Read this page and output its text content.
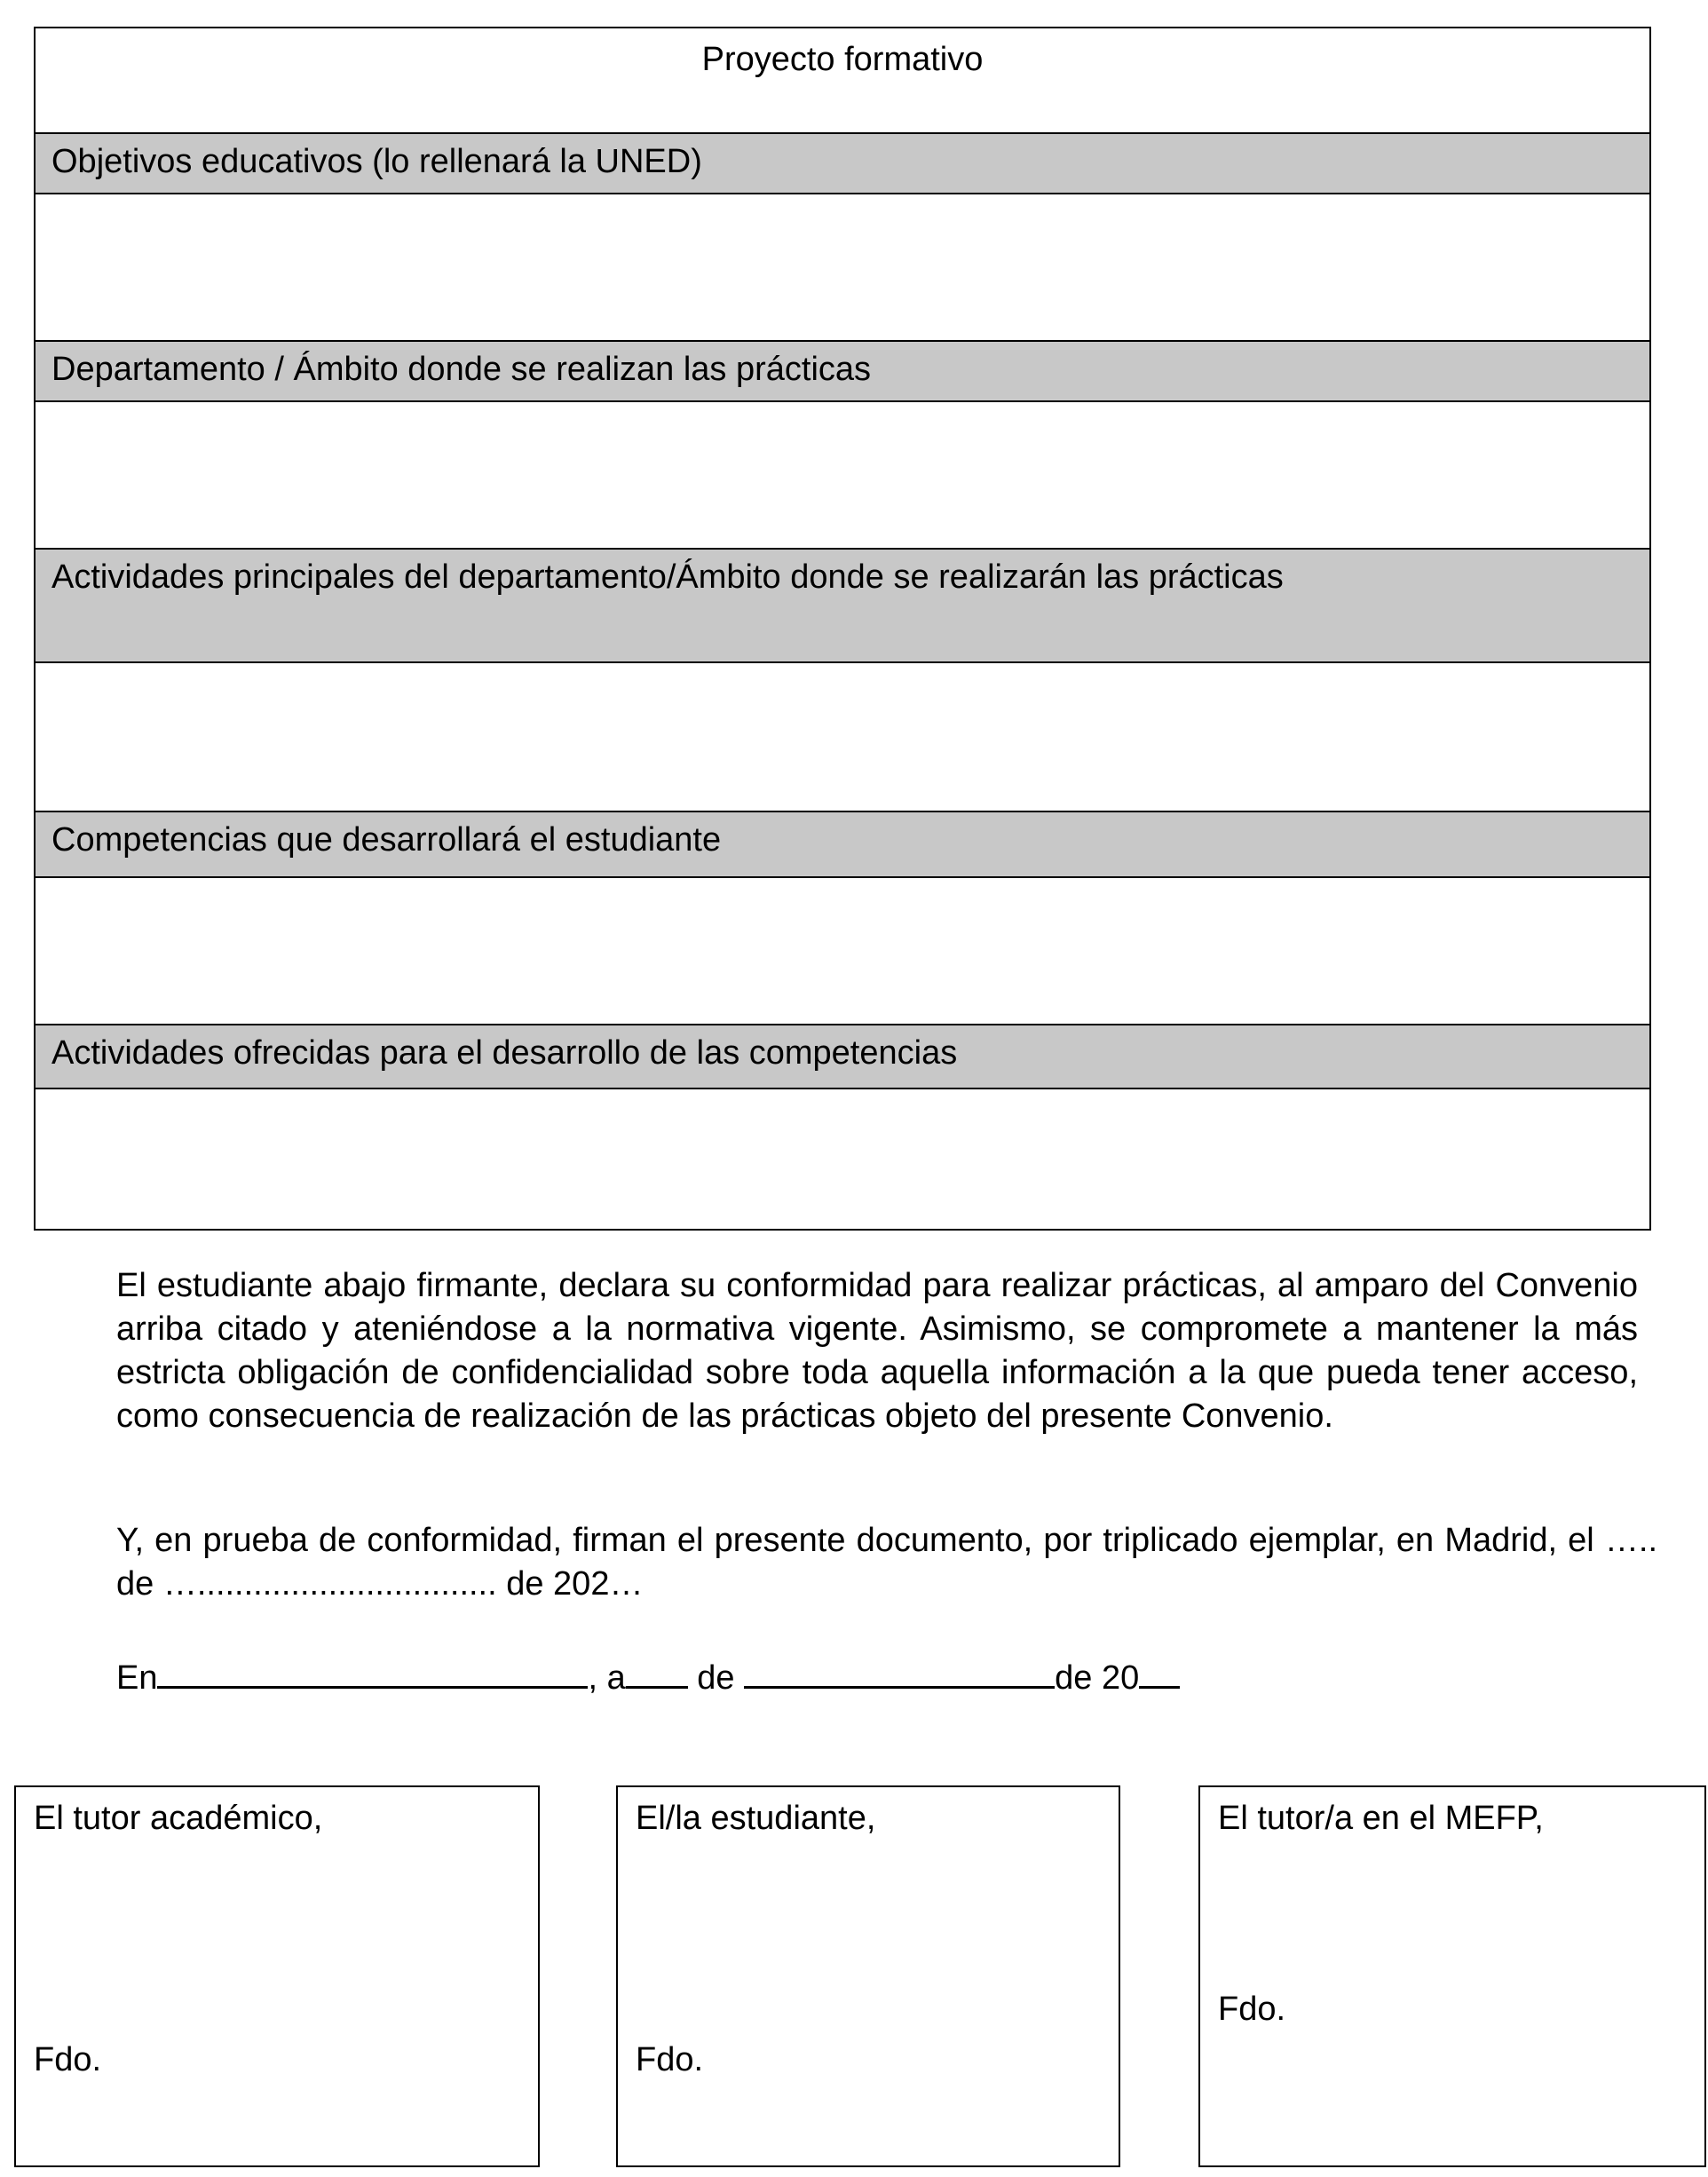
Proyecto formativo
Objetivos educativos (lo rellenará la UNED)
Departamento / Ámbito donde se realizan las prácticas
Actividades principales del departamento/Ámbito donde se realizarán las prácticas
Competencias que desarrollará el estudiante
Actividades ofrecidas para el desarrollo de las competencias

El estudiante abajo firmante, declara su conformidad para realizar prácticas, al amparo del Convenio arriba citado y ateniéndose a la normativa vigente. Asimismo, se compromete a mantener la más estricta obligación de confidencialidad sobre toda aquella información a la que pueda tener acceso, como consecuencia de realización de las prácticas objeto del presente Convenio.

Y, en prueba de conformidad, firman el presente documento, por triplicado ejemplar, en Madrid, el ….. de …................................ de 202…

En	, a de	de 20
El tutor académico,
Fdo.
El/la estudiante,
Fdo.
El tutor/a en el MEFP,
Fdo.
